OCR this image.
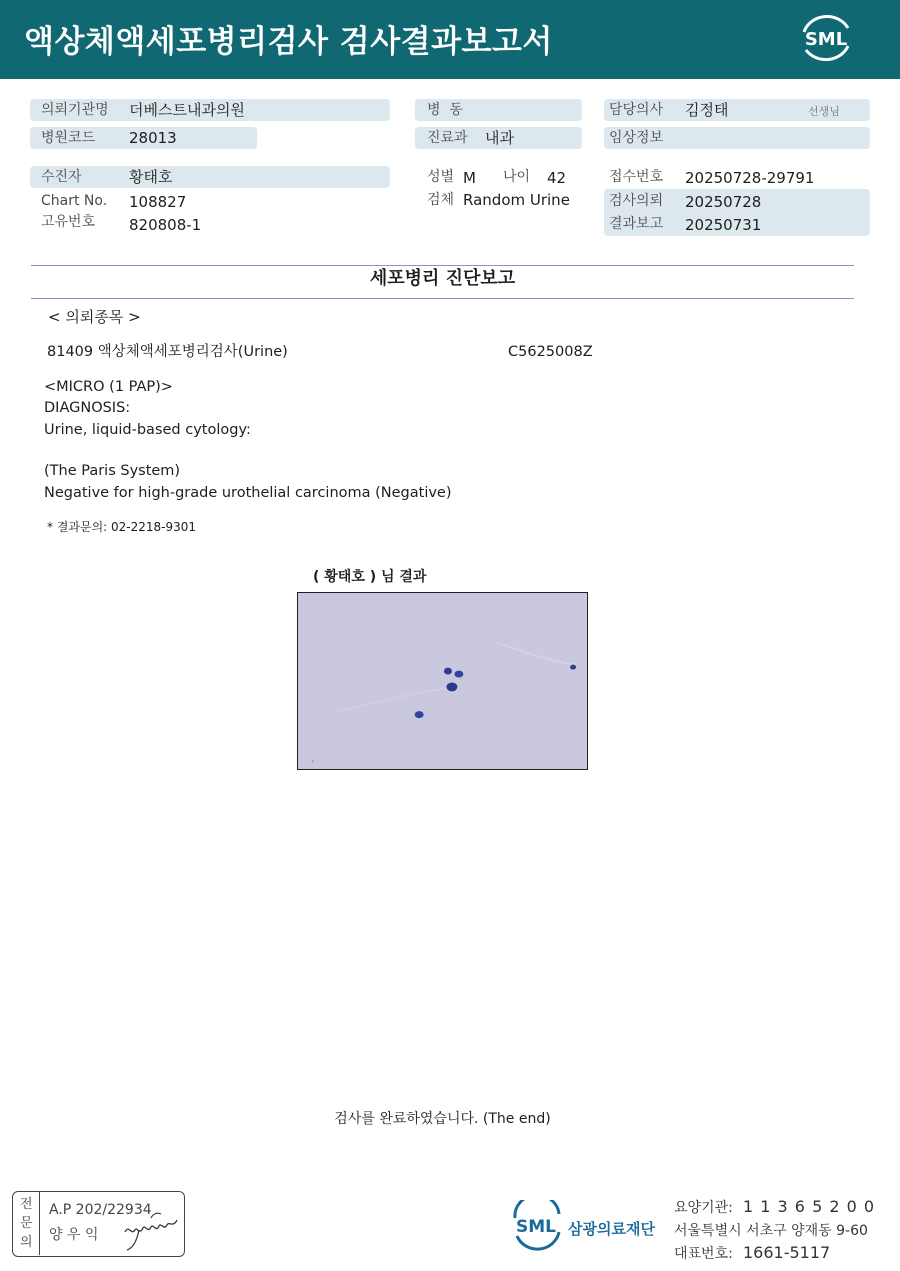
액상체액세포병리검사 검사결과보고서	SML
의뢰기관명 더베스트내과의원
병원코드 28013
수진자	황태호
Chart No. 108827
고유번호 820808-1
병  동
진료과 내과
성별 M 나이 42
검체 Random Urine
담당의사 김정태	선생님
임상정보
접수번호 20250728-29791
검사의뢰 20250728
결과보고 20250731
세포병리 진단보고
< 의뢰종목 >
81409 액상체액세포병리검사(Urine)	C5625008Z
<MICRO (1 PAP)>
DIAGNOSIS:
Urine, liquid-based cytology:
(The Paris System)
Negative for high-grade urothelial carcinoma (Negative)
* 결과문의: 02-2218-9301
( 황태호 ) 님 결과
검사를 완료하였습니다. (The end)
전
문
의
A.P 202/22934
양 우 익	SML 삼광의료재단
요양기관: 1 1 3 6 5 2 0 0
서울특별시 서초구 양재동 9-60
대표번호: 1661-5117
